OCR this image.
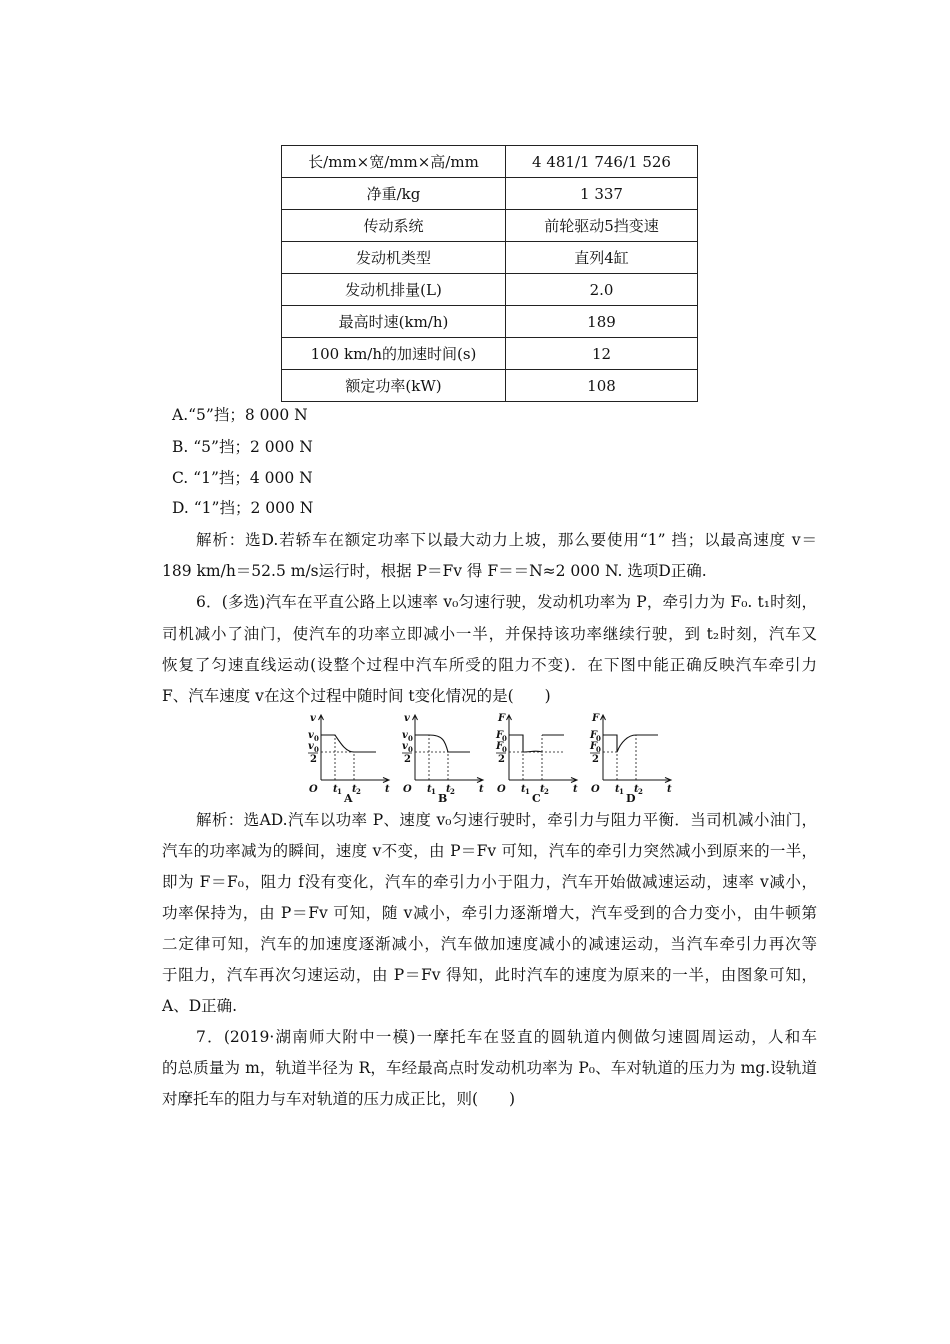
长/mm×宽/mm×高/mm	4 481/1 746/1 526
净重/kg	1 337
传动系统	前轮驱动5挡变速
发动机类型	直列4缸
发动机排量(L)	2.0
最高时速(km/h)	189
100 km/h的加速时间(s)	12
额定功率(kW)	108
A.“5”挡；8 000 N
B. “5”挡；2 000 N
C. “1”挡；4 000 N
D. “1”挡；2 000 N
解析：选D.若轿车在额定功率下以最大动力上坡，那么要使用“1” 挡；以最高速度 v＝
189 km/h＝52.5 m/s运行时，根据 P＝Fv 得 F＝＝N≈2 000 N. 选项D正确.
6．(多选)汽车在平直公路上以速率 v₀匀速行驶，发动机功率为 P，牵引力为 F₀. t₁时刻，
司机减小了油门，使汽车的功率立即减小一半，并保持该功率继续行驶，到 t₂时刻，汽车又
恢复了匀速直线运动(设整个过程中汽车所受的阻力不变)．在下图中能正确反映汽车牵引力
F、汽车速度 v在这个过程中随时间 t变化情况的是(　　)
v
v 0
v 0
2
O t 1 t 2 t
A
v
v 0
v 0
2
O t 1 t 2 t
B
F
F
0
F
0
2
O t 1 t 2 t
C
F
F
0
F
0
2
O t 1 t 2 t
D
解析：选AD.汽车以功率 P、速度 v₀匀速行驶时，牵引力与阻力平衡．当司机减小油门，
汽车的功率减为的瞬间，速度 v不变，由 P＝Fv 可知，汽车的牵引力突然减小到原来的一半，
即为 F＝F₀，阻力 f没有变化，汽车的牵引力小于阻力，汽车开始做减速运动，速率 v减小，
功率保持为，由 P＝Fv 可知，随 v减小，牵引力逐渐增大，汽车受到的合力变小，由牛顿第
二定律可知，汽车的加速度逐渐减小，汽车做加速度减小的减速运动，当汽车牵引力再次等
于阻力，汽车再次匀速运动，由 P＝Fv 得知，此时汽车的速度为原来的一半，由图象可知，
A、D正确.
7．(2019·湖南师大附中一模)一摩托车在竖直的圆轨道内侧做匀速圆周运动，人和车
的总质量为 m，轨道半径为 R，车经最高点时发动机功率为 P₀、车对轨道的压力为 mg.设轨道
对摩托车的阻力与车对轨道的压力成正比，则(　　)
